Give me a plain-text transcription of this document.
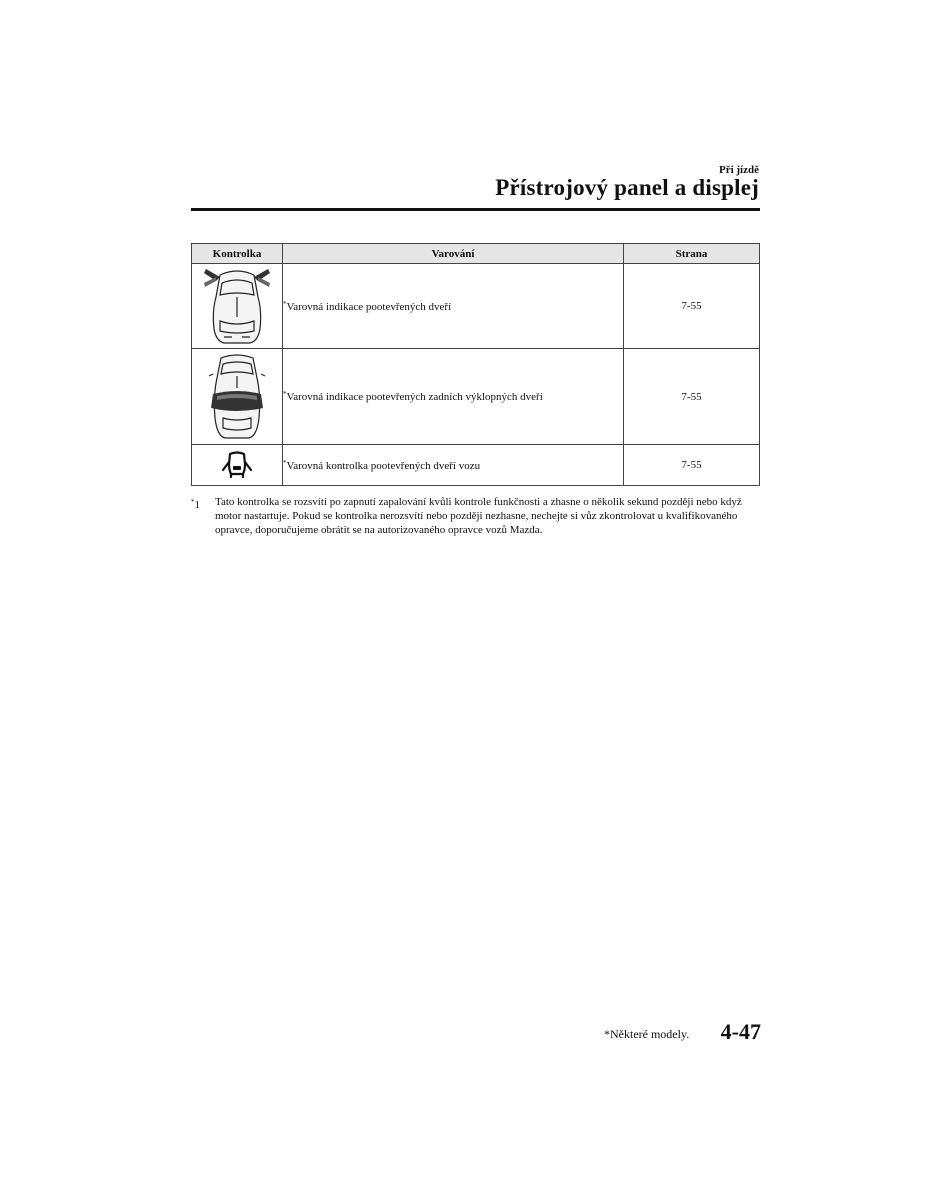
Při jízdě
Přístrojový panel a displej
Kontrolka	Varování	Strana

	*Varovná indikace pootevřených dveří	7-55

	*Varovná indikace pootevřených zadních výklopných dveří	7-55

	*Varovná kontrolka pootevřených dveří vozu	7-55
*1 Tato kontrolka se rozsvítí po zapnutí zapalování kvůli kontrole funkčnosti a zhasne o několik sekund později nebo když motor nastartuje. Pokud se kontrolka nerozsvítí nebo později nezhasne, nechejte si vůz zkontrolovat u kvalifikovaného opravce, doporučujeme obrátit se na autorizovaného opravce vozů Mazda.
*Některé modely. 4-47
